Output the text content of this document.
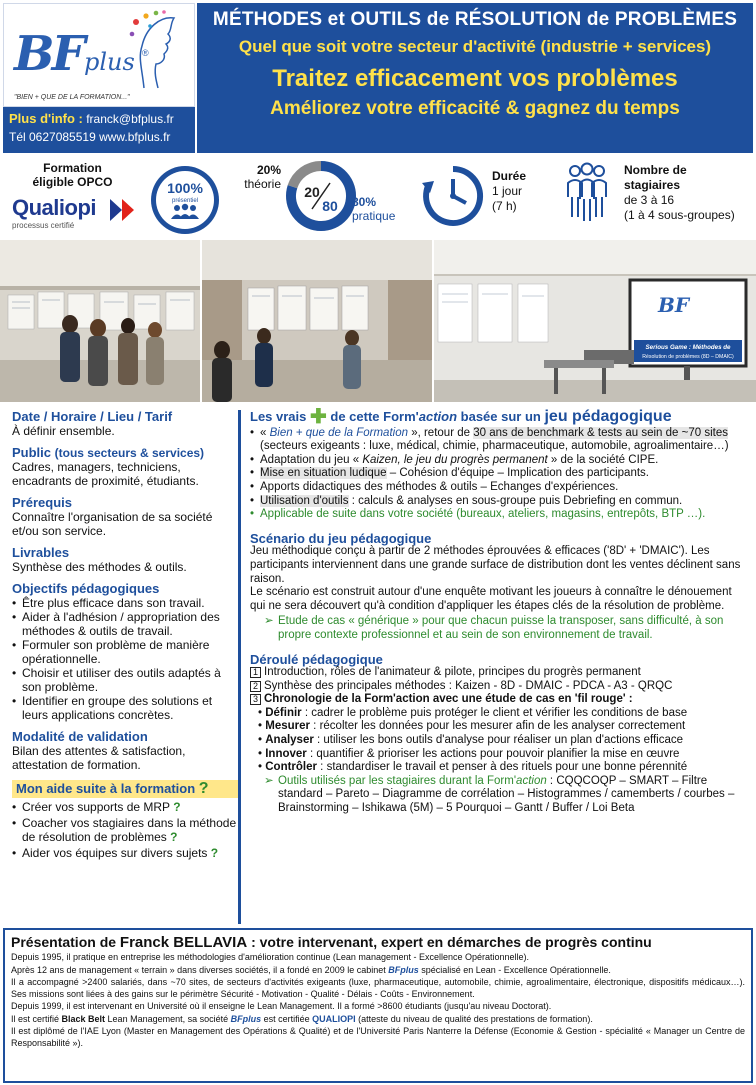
BF plus ®
"BIEN + QUE DE LA FORMATION..."
Plus d'info : franck@bfplus.fr
Tél 0627085519 www.bfplus.fr
MÉTHODES et OUTILS de RÉSOLUTION de PROBLÈMES
Quel que soit votre secteur d'activité (industrie + services)
Traitez efficacement vos problèmes
Améliorez votre efficacité & gagnez du temps
Formation
éligible OPCO
Qualiopi
processus certifié
100%
présentiel
20%
théorie 20
80 80%
pratique
Durée
1 jour
(7 h)
Nombre de
stagiaires
de 3 à 16
(1 à 4 sous-groupes)
BF
Serious Game : Méthodes de
Résolution de problèmes (8D – DMAIC)
Date / Horaire / Lieu / Tarif
À définir ensemble.
Public (tous secteurs & services)
Cadres, managers, techniciens, encadrants de proximité, étudiants.
Prérequis
Connaître l'organisation de sa société et/ou son service.
Livrables
Synthèse des méthodes & outils.
Objectifs pédagogiques
• Être plus efficace dans son travail.
• Aider à l'adhésion / appropriation des méthodes & outils de travail.
• Formuler son problème de manière opérationnelle.
• Choisir et utiliser des outils adaptés à son problème.
• Identifier en groupe des solutions et leurs applications concrètes.
Modalité de validation
Bilan des attentes & satisfaction, attestation de formation.
Mon aide suite à la formation ?
• Créer vos supports de MRP ?
• Coacher vos stagiaires dans la méthode de résolution de problèmes ?
• Aider vos équipes sur divers sujets ?
Les vrais ✚ de cette Form'action basée sur un jeu pédagogique
• « Bien + que de la Formation », retour de 30 ans de benchmark & tests au sein de ~70 sites (secteurs exigeants : luxe, médical, chimie, pharmaceutique, automobile, agroalimentaire…)
• Adaptation du jeu « Kaizen, le jeu du progrès permanent » de la société CIPE.
• Mise en situation ludique – Cohésion d'équipe – Implication des participants.
• Apports didactiques des méthodes & outils – Echanges d'expériences.
• Utilisation d'outils : calculs & analyses en sous-groupe puis Debriefing en commun.
• Applicable de suite dans votre société (bureaux, ateliers, magasins, entrepôts, BTP …).
Scénario du jeu pédagogique
Jeu méthodique conçu à partir de 2 méthodes éprouvées & efficaces ('8D' + 'DMAIC'). Les participants interviennent dans une grande surface de distribution dont les ventes déclinent sans raison.
Le scénario est construit autour d'une enquête motivant les joueurs à connaître le dénouement qui ne sera découvert qu'à condition d'appliquer les étapes clés de la résolution de problème.
➢ Etude de cas « générique » pour que chacun puisse la transposer, sans difficulté, à son propre contexte professionnel et au sein de son environnement de travail.
Déroulé pédagogique
1 Introduction, rôles de l'animateur & pilote, principes du progrès permanent
2 Synthèse des principales méthodes : Kaizen - 8D - DMAIC - PDCA - A3 - QRQC
3 Chronologie de la Form'action avec une étude de cas en 'fil rouge' :
• Définir : cadrer le problème puis protéger le client et vérifier les conditions de base
• Mesurer : récolter les données pour les mesurer afin de les analyser correctement
• Analyser : utiliser les bons outils d'analyse pour réaliser un plan d'actions efficace
• Innover : quantifier & prioriser les actions pour pouvoir planifier la mise en œuvre
• Contrôler : standardiser le travail et penser à des rituels pour une bonne pérennité
➢ Outils utilisés par les stagiaires durant la Form'action : CQQCOQP – SMART – Filtre
standard – Pareto – Diagramme de corrélation – Histogrammes / camemberts / courbes – Brainstorming – Ishikawa (5M) – 5 Pourquoi – Gantt / Buffer / Loi Beta
Présentation de Franck BELLAVIA : votre intervenant, expert en démarches de progrès continu

Depuis 1995, il pratique en entreprise les méthodologies d'amélioration continue (Lean management - Excellence Opérationnelle).

Après 12 ans de management « terrain » dans diverses sociétés, il a fondé en 2009 le cabinet BFplus spécialisé en Lean - Excellence Opérationnelle.

Il a accompagné >2400 salariés, dans ~70 sites, de secteurs d'activités exigeants (luxe, pharmaceutique, automobile, chimie, agroalimentaire, électronique, dispositifs médicaux…). Ses missions sont liées à des gains sur le périmètre Sécurité - Motivation - Qualité - Délais - Coûts - Environnement.

Depuis 1999, il est intervenant en Université où il enseigne le Lean Management. Il a formé >8600 étudiants (jusqu'au niveau Doctorat).

Il est certifié Black Belt Lean Management, sa société BFplus est certifiée QUALIOPI (atteste du niveau de qualité des prestations de formation).

Il est diplômé de l'IAE Lyon (Master en Management des Opérations & Qualité) et de l'Université Paris Nanterre la Défense (Economie & Gestion - spécialité « Manager un Centre de Responsabilité »).
